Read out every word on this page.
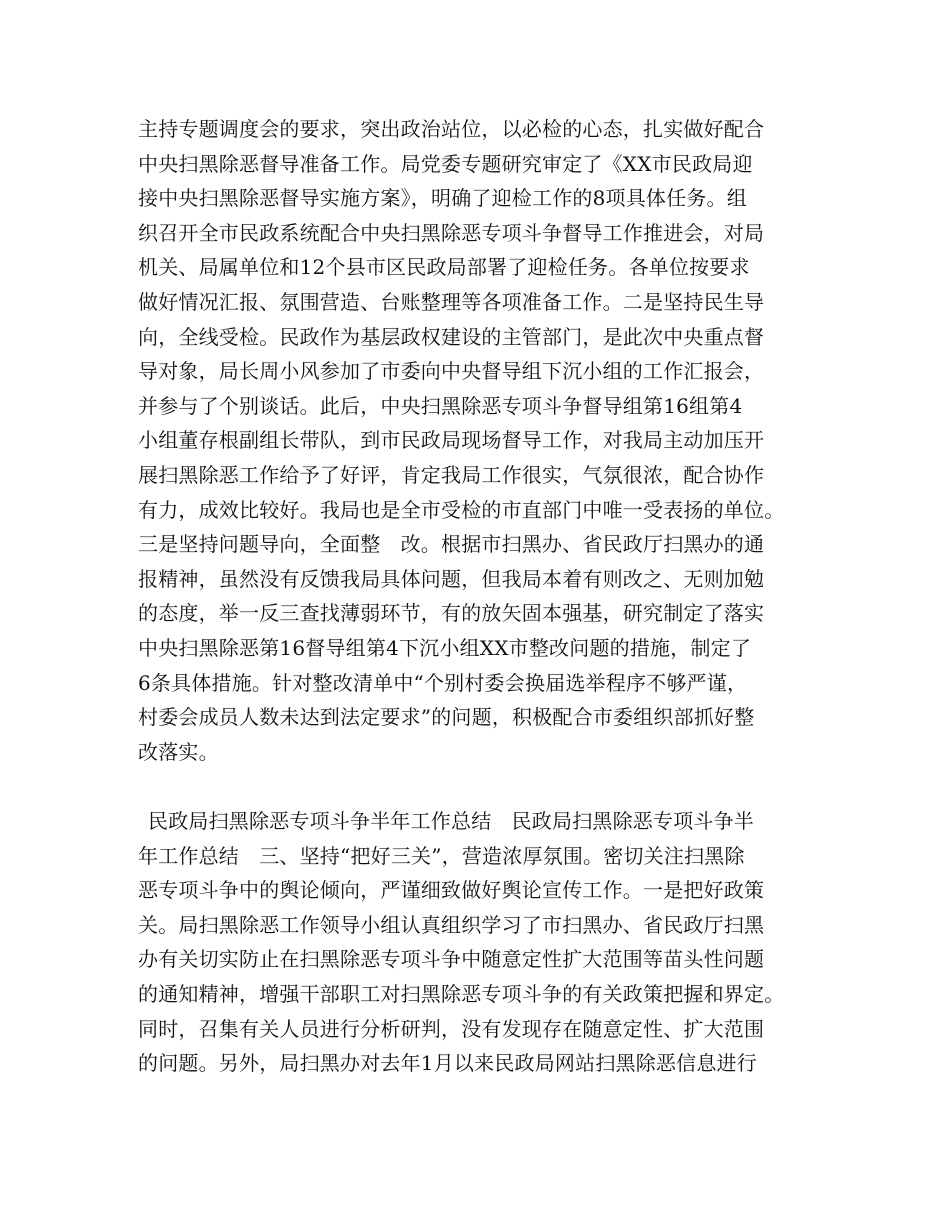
主持专题调度会的要求，突出政治站位，以必检的心态，扎实做好配合
中央扫黑除恶督导准备工作。局党委专题研究审定了《XX市民政局迎
接中央扫黑除恶督导实施方案》，明确了迎检工作的8项具体任务。组
织召开全市民政系统配合中央扫黑除恶专项斗争督导工作推进会，对局
机关、局属单位和12个县市区民政局部署了迎检任务。各单位按要求
做好情况汇报、氛围营造、台账整理等各项准备工作。二是坚持民生导
向，全线受检。民政作为基层政权建设的主管部门，是此次中央重点督
导对象，局长周小风参加了市委向中央督导组下沉小组的工作汇报会，
并参与了个别谈话。此后，中央扫黑除恶专项斗争督导组第16组第4
小组董存根副组长带队，到市民政局现场督导工作，对我局主动加压开
展扫黑除恶工作给予了好评，肯定我局工作很实，气氛很浓，配合协作
有力，成效比较好。我局也是全市受检的市直部门中唯一受表扬的单位。
三是坚持问题导向，全面整　改。根据市扫黑办、省民政厅扫黑办的通
报精神，虽然没有反馈我局具体问题，但我局本着有则改之、无则加勉
的态度，举一反三查找薄弱环节，有的放矢固本强基，研究制定了落实
中央扫黑除恶第16督导组第4下沉小组XX市整改问题的措施，制定了
6条具体措施。针对整改清单中“个别村委会换届选举程序不够严谨，
村委会成员人数未达到法定要求”的问题，积极配合市委组织部抓好整
改落实。
民政局扫黑除恶专项斗争半年工作总结　民政局扫黑除恶专项斗争半
年工作总结　三、坚持“把好三关”，营造浓厚氛围。密切关注扫黑除
恶专项斗争中的舆论倾向，严谨细致做好舆论宣传工作。一是把好政策
关。局扫黑除恶工作领导小组认真组织学习了市扫黑办、省民政厅扫黑
办有关切实防止在扫黑除恶专项斗争中随意定性扩大范围等苗头性问题
的通知精神，增强干部职工对扫黑除恶专项斗争的有关政策把握和界定。
同时，召集有关人员进行分析研判，没有发现存在随意定性、扩大范围
的问题。另外，局扫黑办对去年1月以来民政局网站扫黑除恶信息进行
